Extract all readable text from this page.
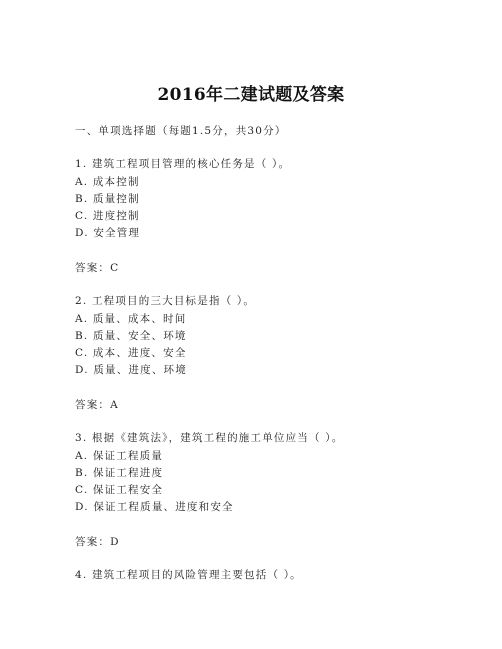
2016年二建试题及答案
一、单项选择题（每题1.5分，共30分）
1. 建筑工程项目管理的核心任务是（ ）。
A. 成本控制
B. 质量控制
C. 进度控制
D. 安全管理
答案：C
2. 工程项目的三大目标是指（ ）。
A. 质量、成本、时间
B. 质量、安全、环境
C. 成本、进度、安全
D. 质量、进度、环境
答案：A
3. 根据《建筑法》，建筑工程的施工单位应当（ ）。
A. 保证工程质量
B. 保证工程进度
C. 保证工程安全
D. 保证工程质量、进度和安全
答案：D
4. 建筑工程项目的风险管理主要包括（ ）。
